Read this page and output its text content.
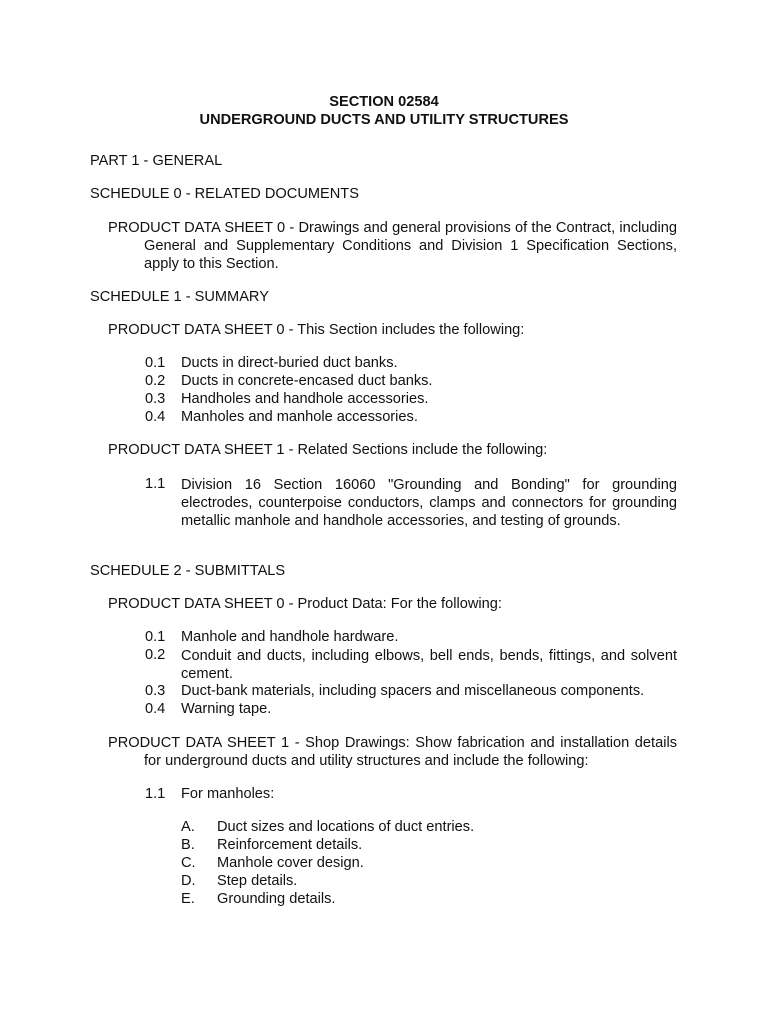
SECTION 02584
UNDERGROUND DUCTS AND UTILITY STRUCTURES
PART 1 - GENERAL
SCHEDULE 0 - RELATED DOCUMENTS
PRODUCT DATA SHEET 0 - Drawings and general provisions of the Contract, including General and Supplementary Conditions and Division 1 Specification Sections, apply to this Section.
SCHEDULE 1 - SUMMARY
PRODUCT DATA SHEET 0 - This Section includes the following:
0.1 Ducts in direct-buried duct banks.
0.2 Ducts in concrete-encased duct banks.
0.3 Handholes and handhole accessories.
0.4 Manholes and manhole accessories.
PRODUCT DATA SHEET 1 - Related Sections include the following:
1.1 Division 16 Section 16060 "Grounding and Bonding" for grounding electrodes, counterpoise conductors, clamps and connectors for grounding metallic manhole and handhole accessories, and testing of grounds.
SCHEDULE 2 - SUBMITTALS
PRODUCT DATA SHEET 0 - Product Data: For the following:
0.1 Manhole and handhole hardware.
0.2 Conduit and ducts, including elbows, bell ends, bends, fittings, and solvent cement.
0.3 Duct-bank materials, including spacers and miscellaneous components.
0.4 Warning tape.
PRODUCT DATA SHEET 1 - Shop Drawings: Show fabrication and installation details for underground ducts and utility structures and include the following:
1.1 For manholes:
A. Duct sizes and locations of duct entries.
B. Reinforcement details.
C. Manhole cover design.
D. Step details.
E. Grounding details.
